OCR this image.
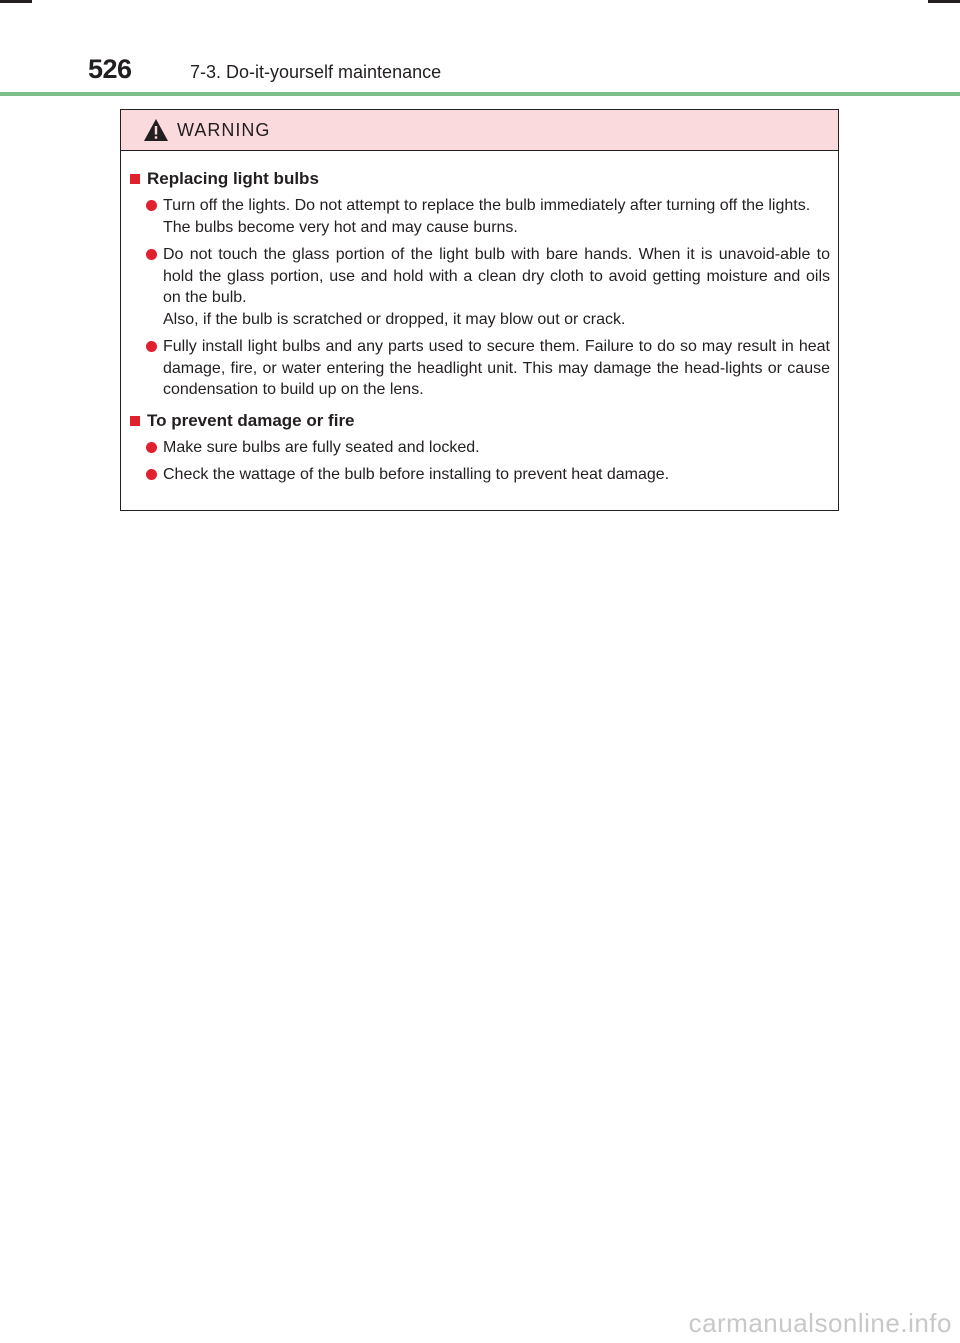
526	7-3. Do-it-yourself maintenance
WARNING
Replacing light bulbs

Turn off the lights. Do not attempt to replace the bulb immediately after turning off the lights.

The bulbs become very hot and may cause burns.

Do not touch the glass portion of the light bulb with bare hands. When it is unavoid-able to hold the glass portion, use and hold with a clean dry cloth to avoid getting moisture and oils on the bulb.

Also, if the bulb is scratched or dropped, it may blow out or crack.

Fully install light bulbs and any parts used to secure them. Failure to do so may result in heat damage, fire, or water entering the headlight unit. This may damage the head-lights or cause condensation to build up on the lens.

To prevent damage or fire

Make sure bulbs are fully seated and locked.

Check the wattage of the bulb before installing to prevent heat damage.

carmanualsonline.info
